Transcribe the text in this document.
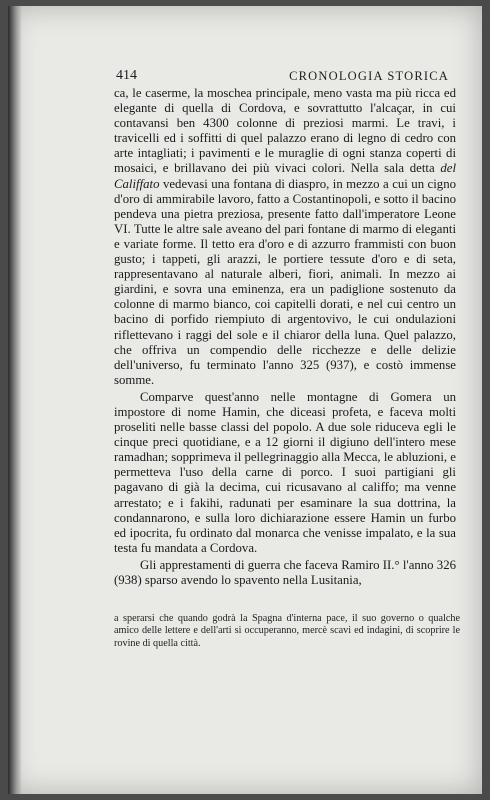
414	CRONOLOGIA STORICA

ca, le caserme, la moschea principale, meno vasta ma più ricca ed elegante di quella di Cordova, e sovrattutto l'alcaçar, in cui contavansi ben 4300 colonne di preziosi marmi. Le travi, i travicelli ed i soffitti di quel palazzo erano di legno di cedro con arte intagliati; i pavimenti e le muraglie di ogni stanza coperti di mosaici, e brillavano dei più vivaci colori. Nella sala detta del Califfato vedevasi una fontana di diaspro, in mezzo a cui un cigno d'oro di ammirabile lavoro, fatto a Costantinopoli, e sotto il bacino pendeva una pietra preziosa, presente fatto dall'imperatore Leone VI. Tutte le altre sale aveano del pari fontane di marmo di eleganti e variate forme. Il tetto era d'oro e di azzurro frammisti con buon gusto; i tappeti, gli arazzi, le portiere tessute d'oro e di seta, rappresentavano al naturale alberi, fiori, animali. In mezzo ai giardini, e sovra una eminenza, era un padiglione sostenuto da colonne di marmo bianco, coi capitelli dorati, e nel cui centro un bacino di porfido riempiuto di argentovivo, le cui ondulazioni riflettevano i raggi del sole e il chiaror della luna. Quel palazzo, che offriva un compendio delle ricchezze e delle delizie dell'universo, fu terminato l'anno 325 (937), e costò immense somme.

Comparve quest'anno nelle montagne di Gomera un impostore di nome Hamin, che diceasi profeta, e faceva molti proseliti nelle basse classi del popolo. A due sole riduceva egli le cinque preci quotidiane, e a 12 giorni il digiuno dell'intero mese ramadhan; sopprimeva il pellegrinaggio alla Mecca, le abluzioni, e permetteva l'uso della carne di porco. I suoi partigiani gli pagavano di già la decima, cui ricusavano al califfo; ma venne arrestato; e i fakihi, radunati per esaminare la sua dottrina, la condannarono, e sulla loro dichiarazione essere Hamin un furbo ed ipocrita, fu ordinato dal monarca che venisse impalato, e la sua testa fu mandata a Cordova.

Gli apprestamenti di guerra che faceva Ramiro II.° l'anno 326 (938) sparso avendo lo spavento nella Lusitania,

a sperarsi che quando godrà la Spagna d'interna pace, il suo governo o qualche amico delle lettere e dell'arti si occuperanno, mercè scavi ed indagini, di scoprire le rovine di quella città.
